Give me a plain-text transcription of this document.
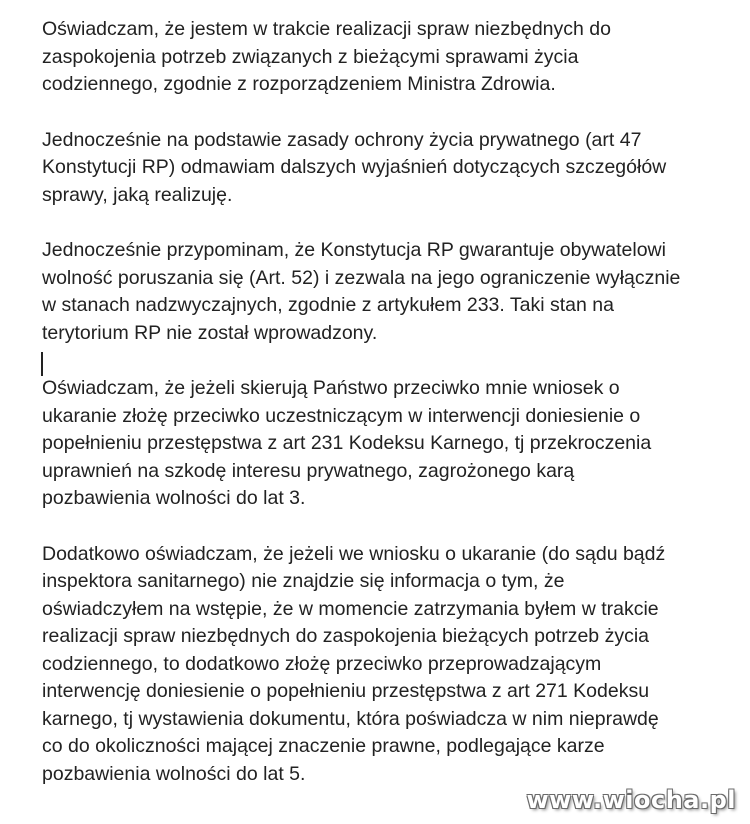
Oświadczam, że jestem w trakcie realizacji spraw niezbędnych do
zaspokojenia potrzeb związanych z bieżącymi sprawami życia
codziennego, zgodnie z rozporządzeniem Ministra Zdrowia.
Jednocześnie na podstawie zasady ochrony życia prywatnego (art 47
Konstytucji RP) odmawiam dalszych wyjaśnień dotyczących szczegółów
sprawy, jaką realizuję.
Jednocześnie przypominam, że Konstytucja RP gwarantuje obywatelowi
wolność poruszania się (Art. 52) i zezwala na jego ograniczenie wyłącznie
w stanach nadzwyczajnych, zgodnie z artykułem 233. Taki stan na
terytorium RP nie został wprowadzony.
Oświadczam, że jeżeli skierują Państwo przeciwko mnie wniosek o
ukaranie złożę przeciwko uczestniczącym w interwencji doniesienie o
popełnieniu przestępstwa z art 231 Kodeksu Karnego, tj przekroczenia
uprawnień na szkodę interesu prywatnego, zagrożonego karą
pozbawienia wolności do lat 3.
Dodatkowo oświadczam, że jeżeli we wniosku o ukaranie (do sądu bądź
inspektora sanitarnego) nie znajdzie się informacja o tym, że
oświadczyłem na wstępie, że w momencie zatrzymania byłem w trakcie
realizacji spraw niezbędnych do zaspokojenia bieżących potrzeb życia
codziennego, to dodatkowo złożę przeciwko przeprowadzającym
interwencję doniesienie o popełnieniu przestępstwa z art 271 Kodeksu
karnego, tj wystawienia dokumentu, która poświadcza w nim nieprawdę
co do okoliczności mającej znaczenie prawne, podlegające karze
pozbawienia wolności do lat 5.
www.wiocha.pl
